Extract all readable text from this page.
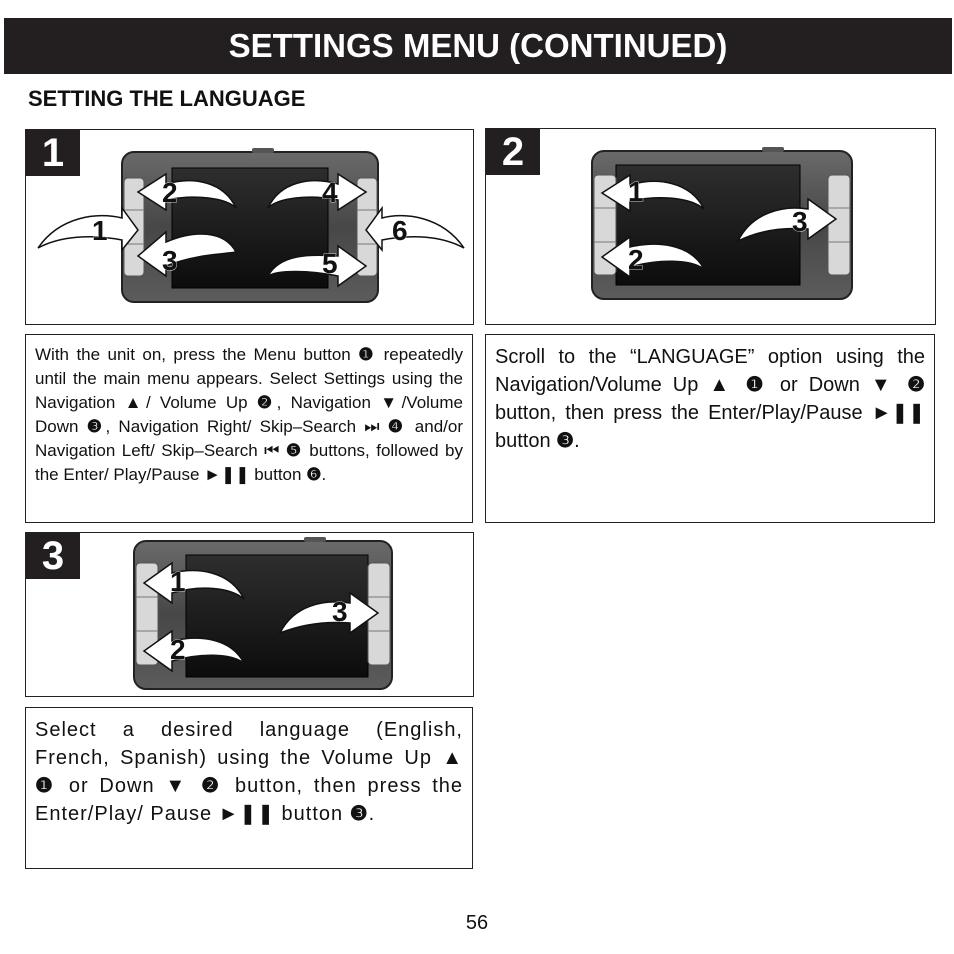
SETTINGS MENU (CONTINUED)
SETTING THE LANGUAGE
1
2
3
4
5
6
1
With the unit on, press the Menu button ❶ repeatedly until the main menu appears. Select Settings using the Navigation ▲/ Volume Up ❷, Navigation ▼/Volume Down ❸, Navigation Right/ Skip–Search ⏭ ❹ and/or Navigation Left/ Skip–Search ⏮ ❺ buttons, followed by the Enter/ Play/Pause ►❚❚ button ❻.
1
2
3
2
Scroll to the “LANGUAGE” option using the Navigation/Volume Up ▲ ❶ or Down ▼ ❷ button, then press the Enter/Play/Pause ►❚❚ button ❸.
1
2
3
3
Select a desired language (English, French, Spanish) using the Volume Up ▲ ❶ or Down ▼ ❷ button, then press the Enter/Play/ Pause ►❚❚ button ❸.
56
